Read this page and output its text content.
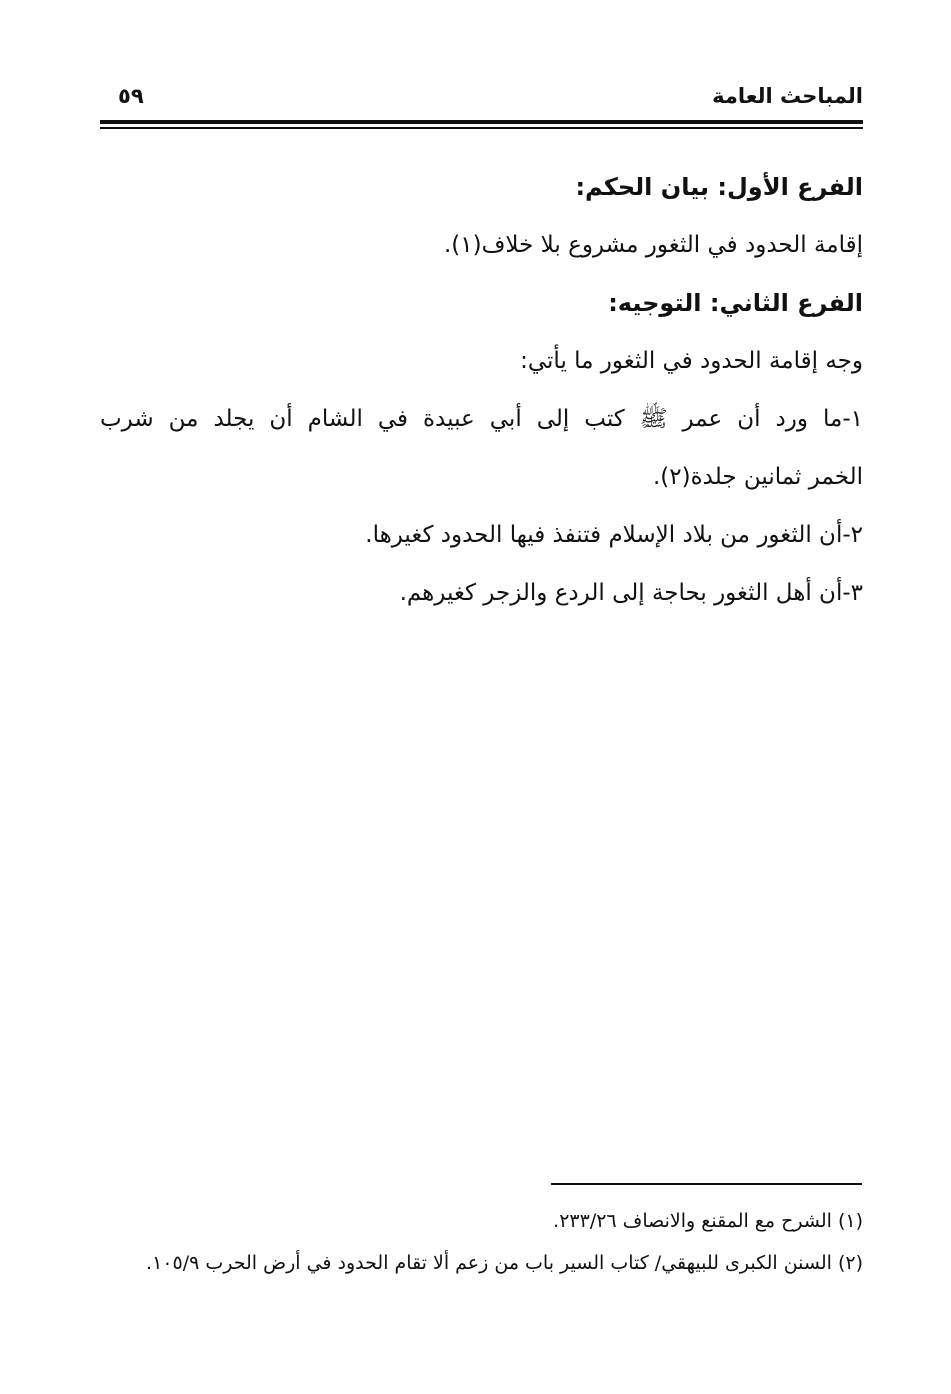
المباحث العامة
٥٩

الفرع الأول: بيان الحكم:

إقامة الحدود في الثغور مشروع بلا خلاف(١).

الفرع الثاني: التوجيه:

وجه إقامة الحدود في الثغور ما يأتي:

١-ما ورد أن عمر ﷺ كتب إلى أبي عبيدة في الشام أن يجلد من شرب

الخمر ثمانين جلدة(٢).

٢-أن الثغور من بلاد الإسلام فتنفذ فيها الحدود كغيرها.

٣-أن أهل الثغور بحاجة إلى الردع والزجر كغيرهم.

(١) الشرح مع المقنع والانصاف ٢٣٣/٢٦.

(٢) السنن الكبرى للبيهقي/ كتاب السير باب من زعم ألا تقام الحدود في أرض الحرب ١٠٥/٩.
